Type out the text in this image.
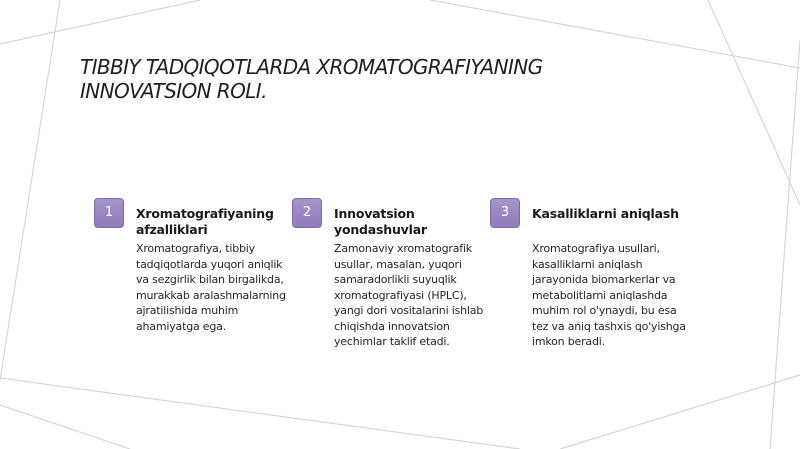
TIBBIY TADQIQOTLARDA XROMATOGRAFIYANING INNOVATSION ROLI.
1	Xromatografiyaning afzalliklari

Xromatografiya, tibbiy tadqiqotlarda yuqori aniqlik va sezgirlik bilan birgalikda, murakkab aralashmalarning ajratilishida muhim ahamiyatga ega.

2	Innovatsion yondashuvlar

Zamonaviy xromatografik usullar, masalan, yuqori samaradorlikli suyuqlik xromatografiyasi (HPLC), yangi dori vositalarini ishlab chiqishda innovatsion yechimlar taklif etadi.

3	Kasalliklarni aniqlash

Xromatografiya usullari, kasalliklarni aniqlash jarayonida biomarkerlar va metabolitlarni aniqlashda muhim rol o'ynaydi, bu esa tez va aniq tashxis qo'yishga imkon beradi.
